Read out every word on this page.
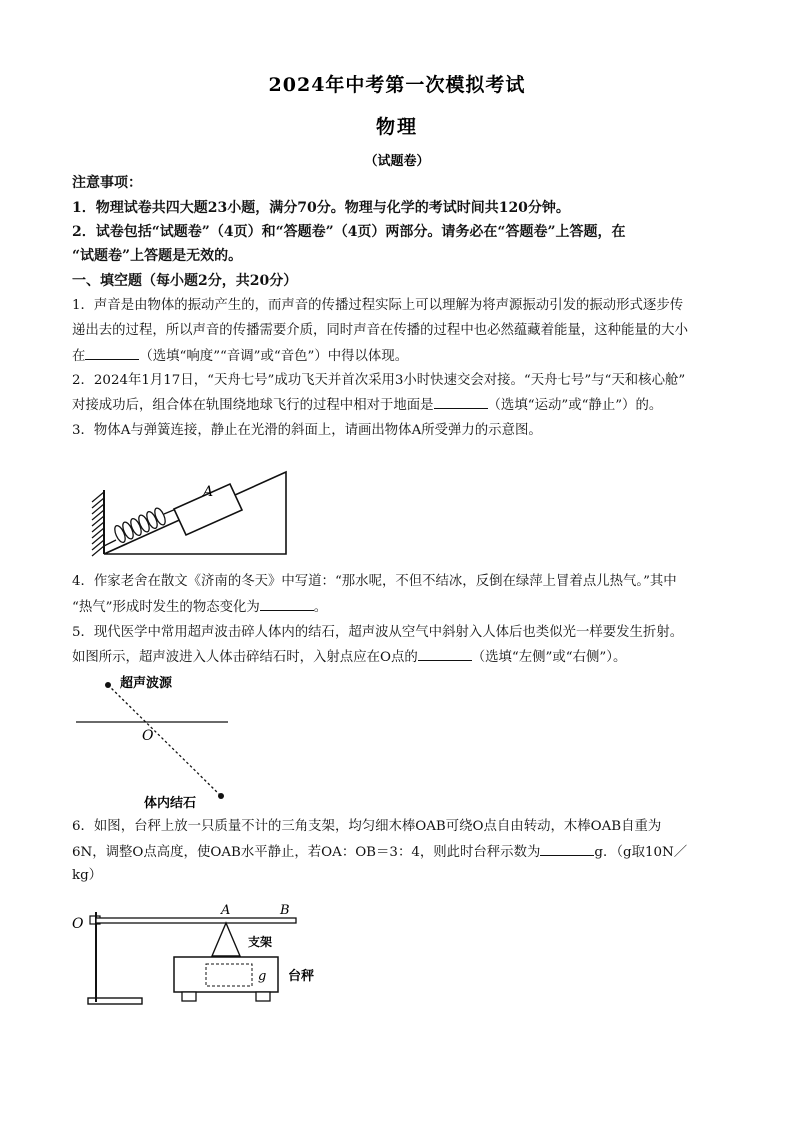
2024年中考第一次模拟考试
物理
（试题卷）
注意事项：
1．物理试卷共四大题23小题，满分70分。物理与化学的考试时间共120分钟。
2．试卷包括“试题卷”（4页）和“答题卷”（4页）两部分。请务必在“答题卷”上答题，在
“试题卷”上答题是无效的。
一、填空题（每小题2分，共20分）
1．声音是由物体的振动产生的，而声音的传播过程实际上可以理解为将声源振动引发的振动形式逐步传
递出去的过程，所以声音的传播需要介质，同时声音在传播的过程中也必然蕴藏着能量，这种能量的大小
在	（选填“响度”“音调”或“音色”）中得以体现。
2．2024年1月17日，“天舟七号”成功飞天并首次采用3小时快速交会对接。“天舟七号”与“天和核心舱”
对接成功后，组合体在轨围绕地球飞行的过程中相对于地面是	（选填“运动”或“静止”）的。
3．物体A与弹簧连接，静止在光滑的斜面上，请画出物体A所受弹力的示意图。
A
4．作家老舍在散文《济南的冬天》中写道：“那水呢，不但不结冰，反倒在绿萍上冒着点儿热气。”其中
“热气”形成时发生的物态变化为	。
5．现代医学中常用超声波击碎人体内的结石，超声波从空气中斜射入人体后也类似光一样要发生折射。
如图所示，超声波进入人体击碎结石时，入射点应在O点的	（选填“左侧”或“右侧”）。
超声波源
O
体内结石
6．如图，台秤上放一只质量不计的三角支架，均匀细木棒OAB可绕O点自由转动，木棒OAB自重为
6N，调整O点高度，使OAB水平静止，若OA：OB＝3：4，则此时台秤示数为	g．（g取10N／
kg）
O
A	B
支架
g 台秤
